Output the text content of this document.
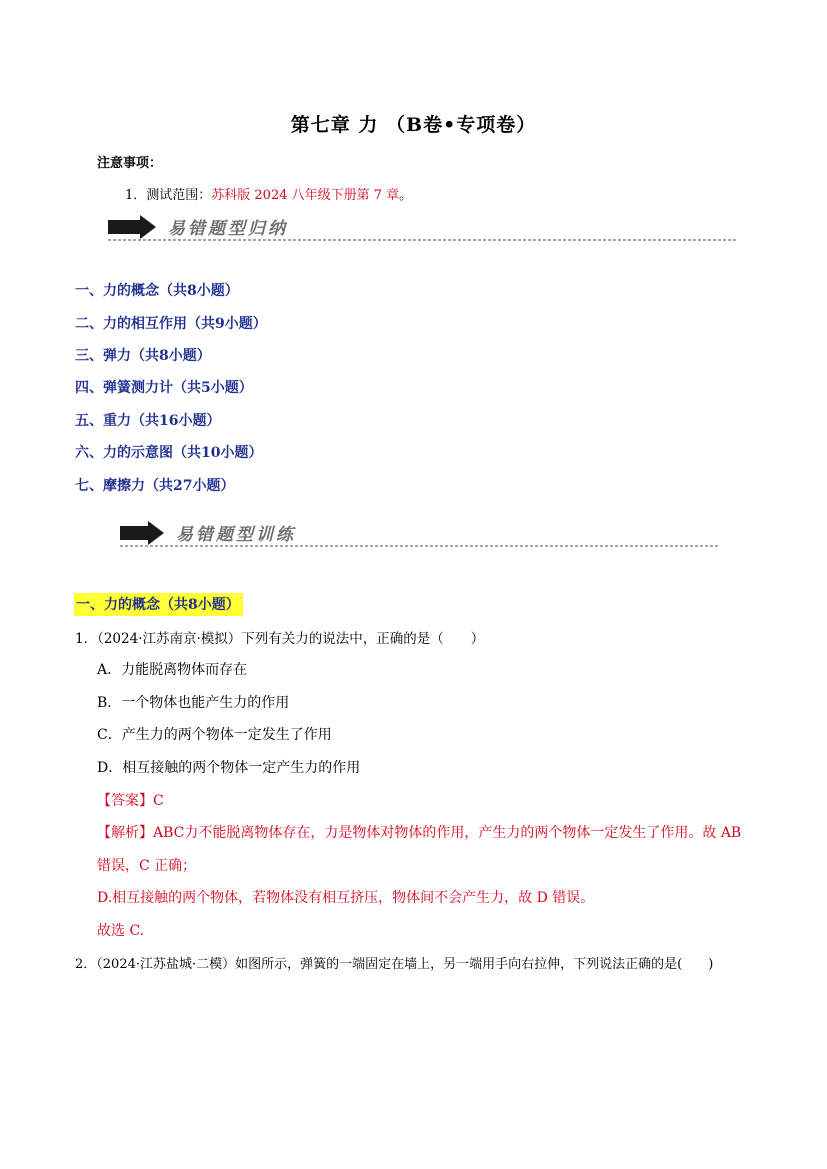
第七章 力 （B卷•专项卷）
注意事项：
1．测试范围：苏科版 2024 八年级下册第 7 章。
易错题型归纳
一、力的概念（共8小题）
二、力的相互作用（共9小题）
三、弹力（共8小题）
四、弹簧测力计（共5小题）
五、重力（共16小题）
六、力的示意图（共10小题）
七、摩擦力（共27小题）
易错题型训练
一、力的概念（共8小题）
1．（2024·江苏南京·模拟）下列有关力的说法中，正确的是（　　）
A．力能脱离物体而存在
B．一个物体也能产生力的作用
C．产生力的两个物体一定发生了作用
D．相互接触的两个物体一定产生力的作用
【答案】C
【解析】ABC力不能脱离物体存在，力是物体对物体的作用，产生力的两个物体一定发生了作用。故 AB
错误，C 正确；
D.相互接触的两个物体，若物体没有相互挤压，物体间不会产生力，故 D 错误。
故选 C.
2．（2024·江苏盐城·二模）如图所示，弹簧的一端固定在墙上，另一端用手向右拉伸，下列说法正确的是(　　)
